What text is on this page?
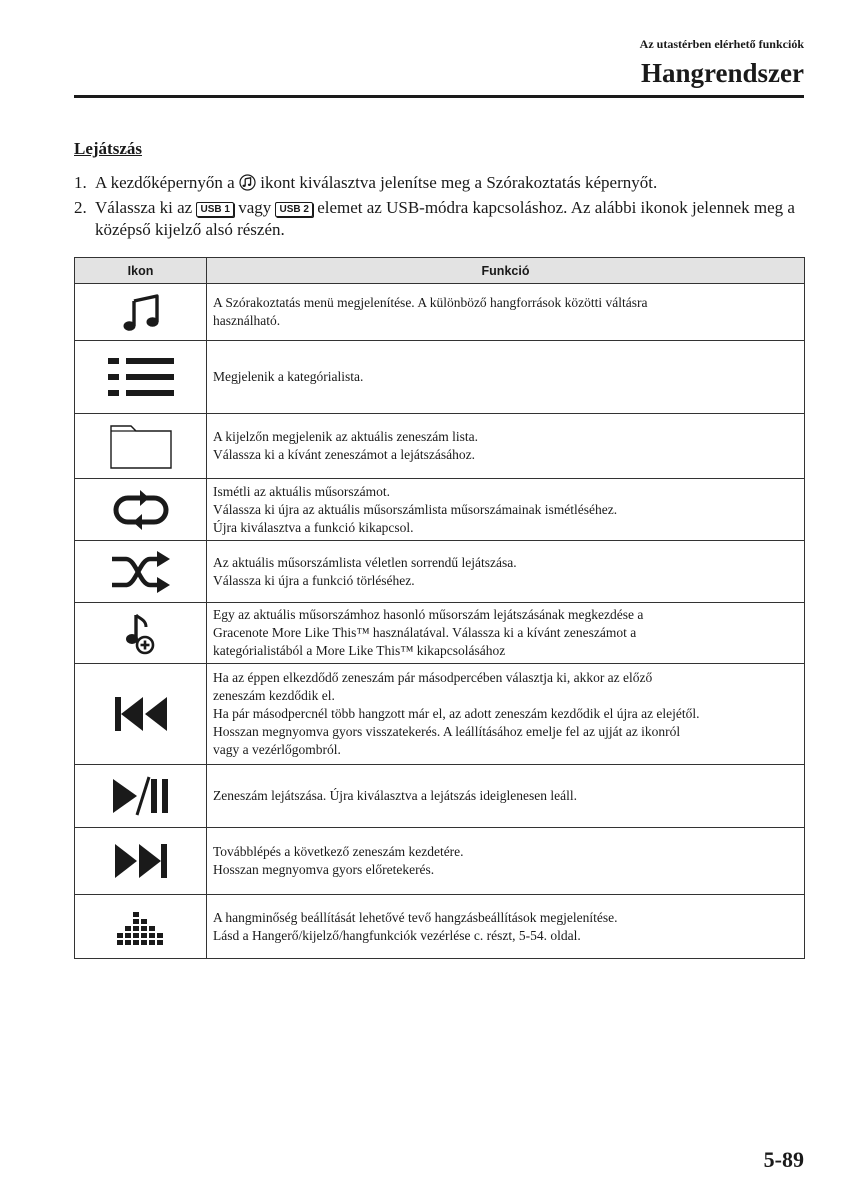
Az utastérben elérhető funkciók
Hangrendszer
Lejátszás

1. A kezdőképernyőn a ikont kiválasztva jelenítse meg a Szórakoztatás képernyőt.

2. Válassza ki az USB 1 vagy USB 2 elemet az USB-módra kapcsoláshoz. Az alábbi ikonok jelennek meg a középső kijelző alsó részén.

Ikon	Funkció

A Szórakoztatás menü megjelenítése. A különböző hangforrások közötti váltásra
használható.

Megjelenik a kategórialista.

A kijelzőn megjelenik az aktuális zeneszám lista.
Válassza ki a kívánt zeneszámot a lejátszásához.

Ismétli az aktuális műsorszámot.
Válassza ki újra az aktuális műsorszámlista műsorszámainak ismétléséhez.
Újra kiválasztva a funkció kikapcsol.

Az aktuális műsorszámlista véletlen sorrendű lejátszása.
Válassza ki újra a funkció törléséhez.

Egy az aktuális műsorszámhoz hasonló műsorszám lejátszásának megkezdése a
Gracenote More Like This™ használatával. Válassza ki a kívánt zeneszámot a
kategórialistából a More Like This™ kikapcsolásához

Ha az éppen elkezdődő zeneszám pár másodpercében választja ki, akkor az előző
zeneszám kezdődik el.
Ha pár másodpercnél több hangzott már el, az adott zeneszám kezdődik el újra az elejétől.
Hosszan megnyomva gyors visszatekerés. A leállításához emelje fel az ujját az ikonról
vagy a vezérlőgombról.

Zeneszám lejátszása. Újra kiválasztva a lejátszás ideiglenesen leáll.

Továbblépés a következő zeneszám kezdetére.
Hosszan megnyomva gyors előretekerés.

A hangminőség beállítását lehetővé tevő hangzásbeállítások megjelenítése.
Lásd a Hangerő/kijelző/hangfunkciók vezérlése c. részt, 5-54. oldal.
5-89
